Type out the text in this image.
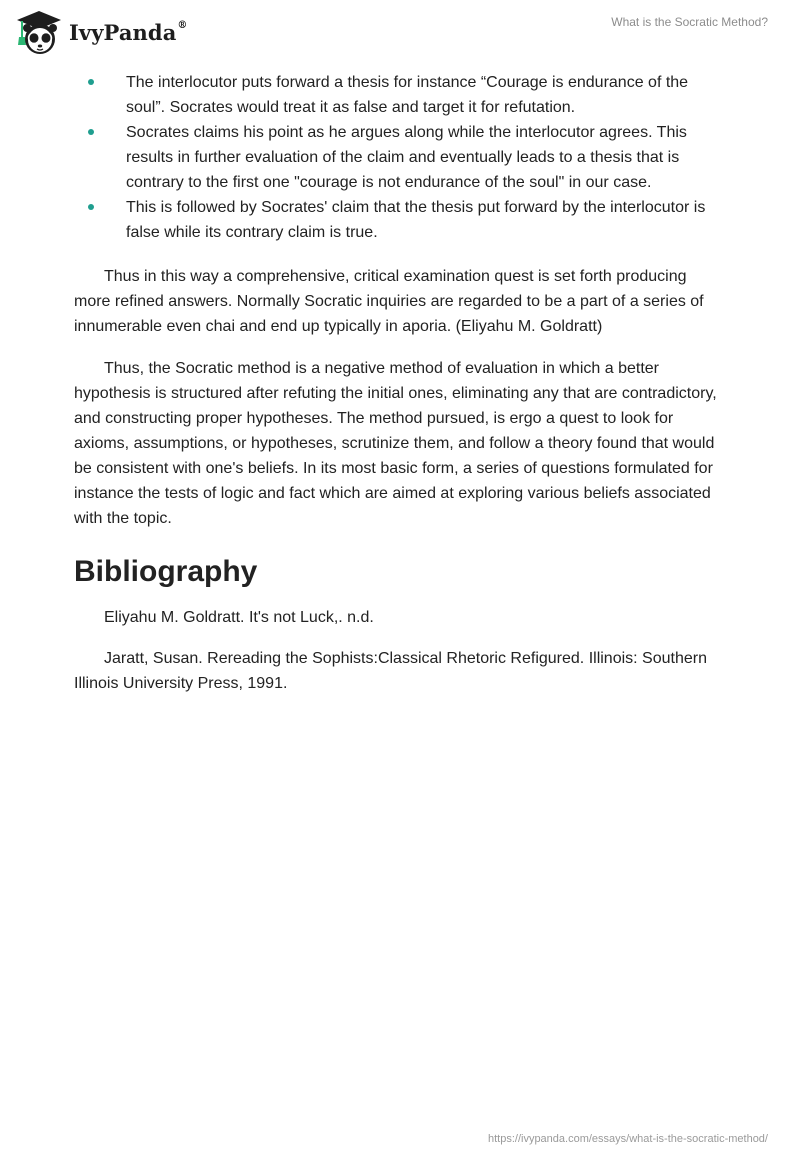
IvyPanda®	What is the Socratic Method?
The interlocutor puts forward a thesis for instance “Courage is endurance of the soul”. Socrates would treat it as false and target it for refutation.
Socrates claims his point as he argues along while the interlocutor agrees. This results in further evaluation of the claim and eventually leads to a thesis that is contrary to the first one "courage is not endurance of the soul" in our case.
This is followed by Socrates' claim that the thesis put forward by the interlocutor is false while its contrary claim is true.

Thus in this way a comprehensive, critical examination quest is set forth producing more refined answers. Normally Socratic inquiries are regarded to be a part of a series of innumerable even chai and end up typically in aporia. (Eliyahu M. Goldratt)

Thus, the Socratic method is a negative method of evaluation in which a better hypothesis is structured after refuting the initial ones, eliminating any that are contradictory, and constructing proper hypotheses. The method pursued, is ergo a quest to look for axioms, assumptions, or hypotheses, scrutinize them, and follow a theory found that would be consistent with one's beliefs. In its most basic form, a series of questions formulated for instance the tests of logic and fact which are aimed at exploring various beliefs associated with the topic.

Bibliography

Eliyahu M. Goldratt. It's not Luck,. n.d.

Jaratt, Susan. Rereading the Sophists:Classical Rhetoric Refigured. Illinois: Southern Illinois University Press, 1991.

https://ivypanda.com/essays/what-is-the-socratic-method/
